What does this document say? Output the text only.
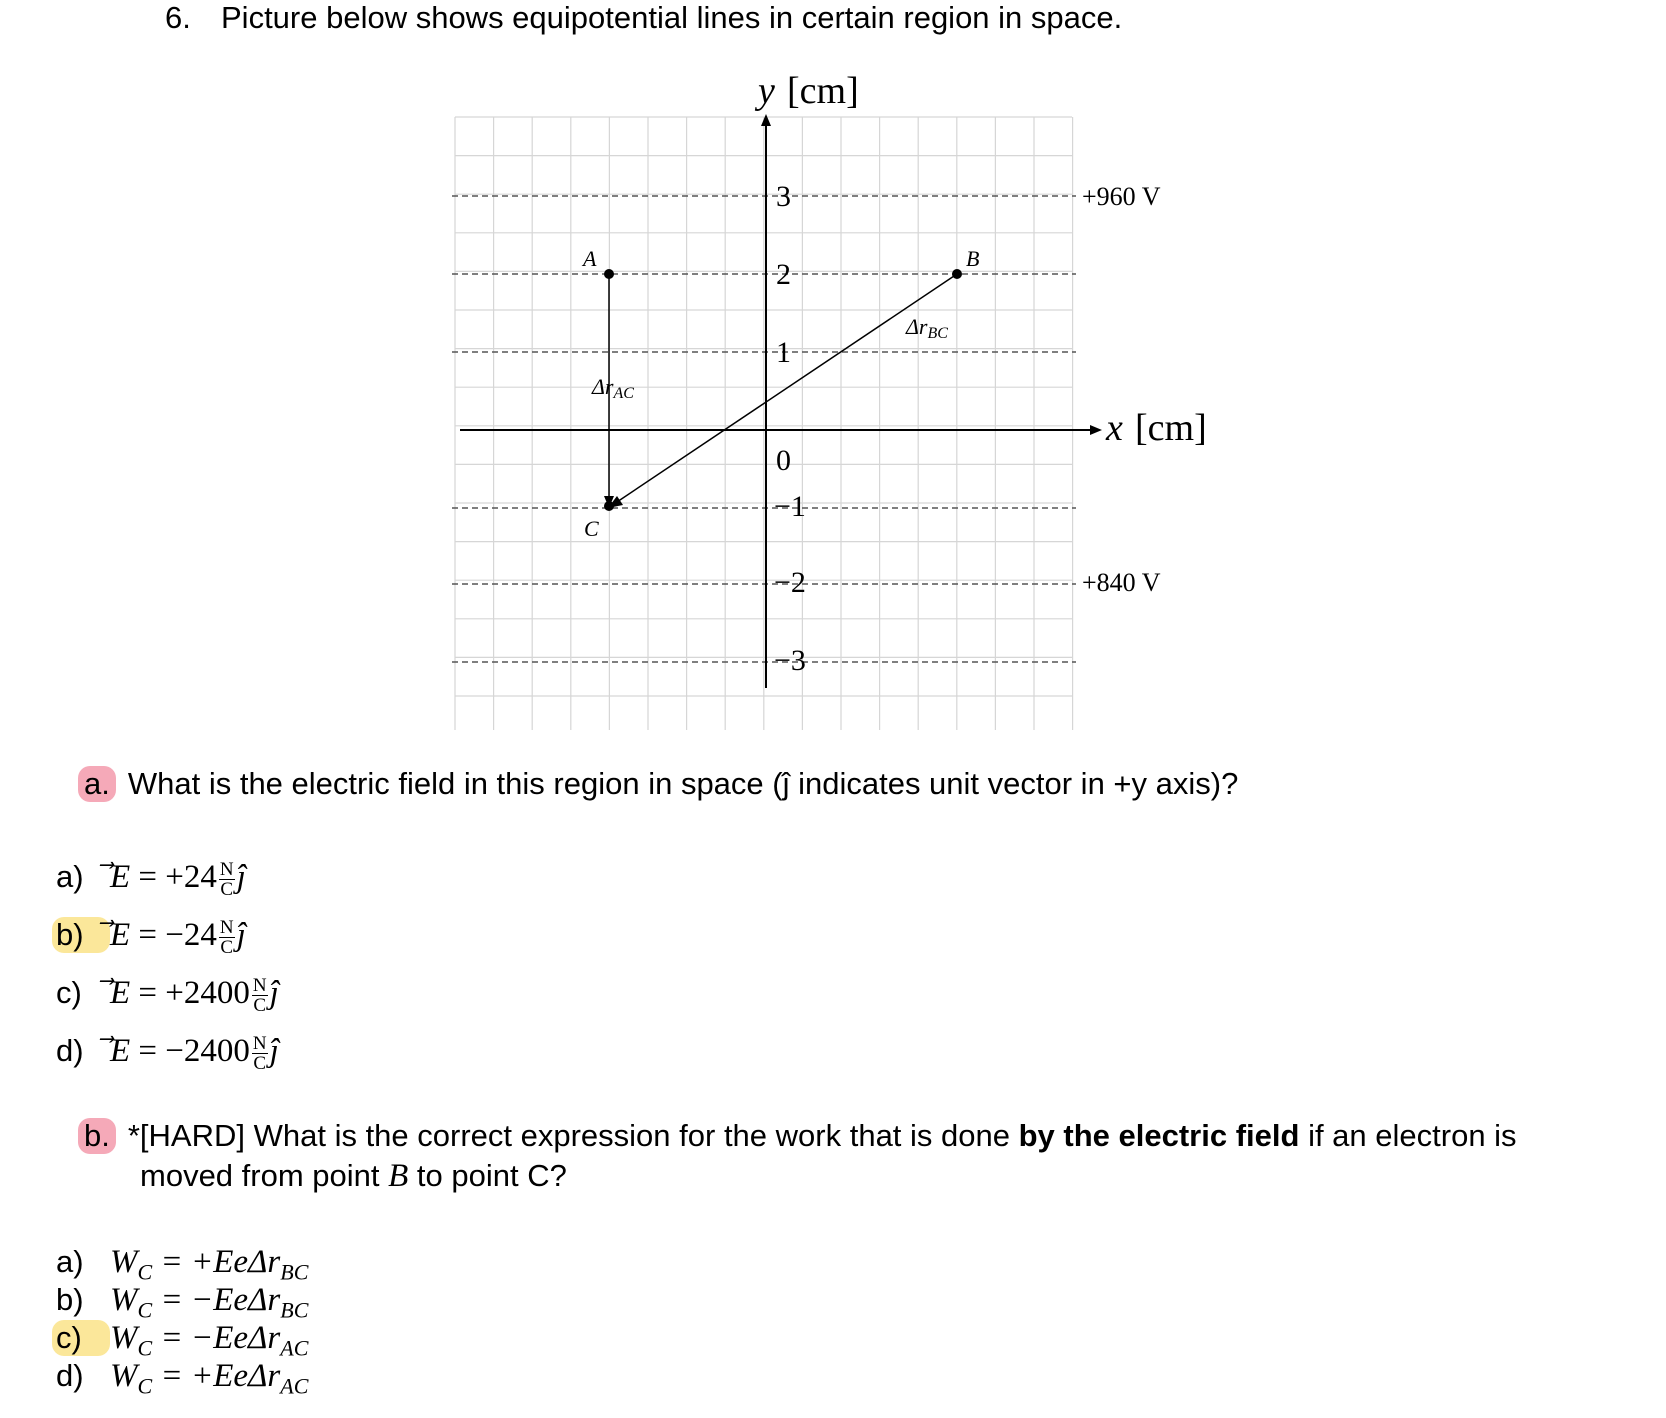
6. Picture below shows equipotential lines in certain region in space.
A	B
C
ΔrAC
ΔrBC
3
2
1
0
−1
−2
−3
y [cm]
x [cm]
+960 V
+840 V
a. What is the electric field in this region in space (ĵ indicates unit vector in +y axis)?
a) ⃗ $E = +24 \frac{N}{C}$ ĵ
b) ⃗ $E = -24 \frac{N}{C}$ ĵ
c) ⃗ $E = +2400 \frac{N}{C}$ ĵ
d) ⃗ $E = -2400 \frac{N}{C}$ ĵ
b. *[HARD] What is the correct expression for the work that is done by the electric field if an electron is
moved from point B to point C?
a) $W_C = +Ee\Delta r_{BC}$
b) $W_C = -Ee\Delta r_{BC}$
c) $W_C = -Ee\Delta r_{AC}$
d) $W_C = +Ee\Delta r_{AC}$
